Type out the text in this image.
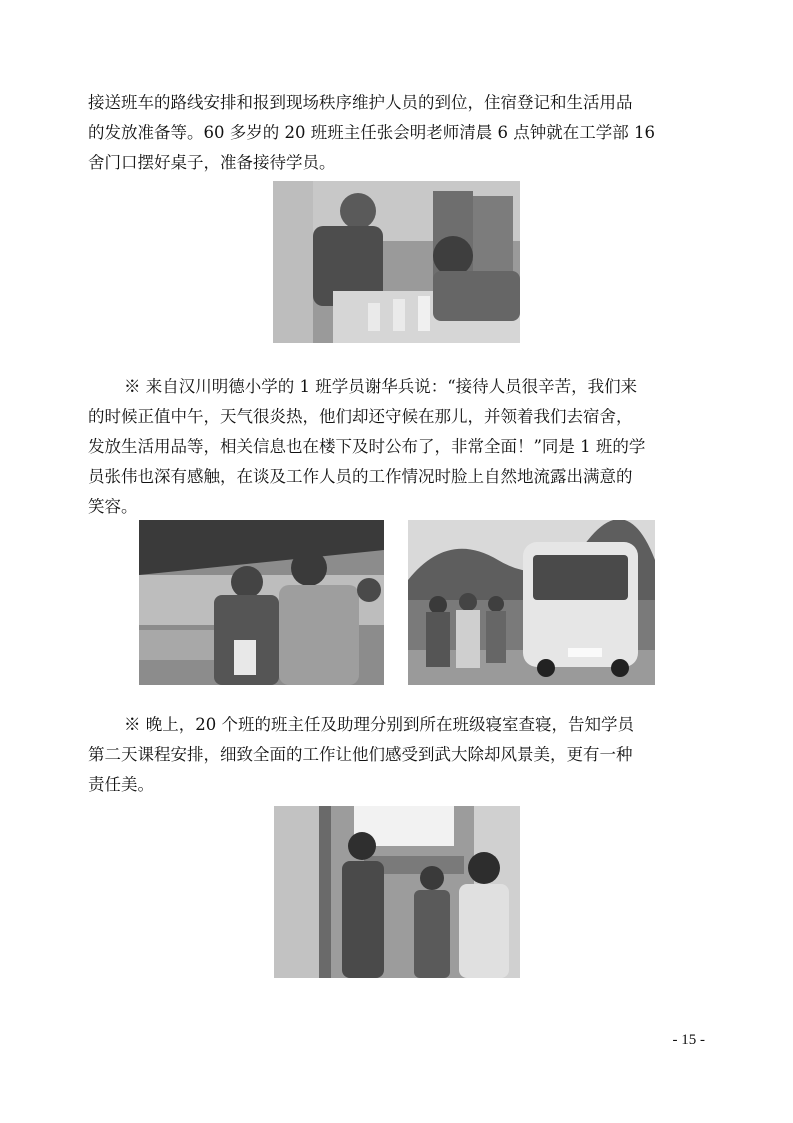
接送班车的路线安排和报到现场秩序维护人员的到位，住宿登记和生活用品
的发放准备等。60 多岁的 20 班班主任张会明老师清晨 6 点钟就在工学部 16
舍门口摆好桌子，准备接待学员。
※ 来自汉川明德小学的 1 班学员谢华兵说：“接待人员很辛苦，我们来
的时候正值中午，天气很炎热，他们却还守候在那儿，并领着我们去宿舍，
发放生活用品等，相关信息也在楼下及时公布了，非常全面！”同是 1 班的学
员张伟也深有感触，在谈及工作人员的工作情况时脸上自然地流露出满意的
笑容。
※ 晚上，20 个班的班主任及助理分别到所在班级寝室查寝，告知学员
第二天课程安排，细致全面的工作让他们感受到武大除却风景美，更有一种
责任美。
- 15 -
